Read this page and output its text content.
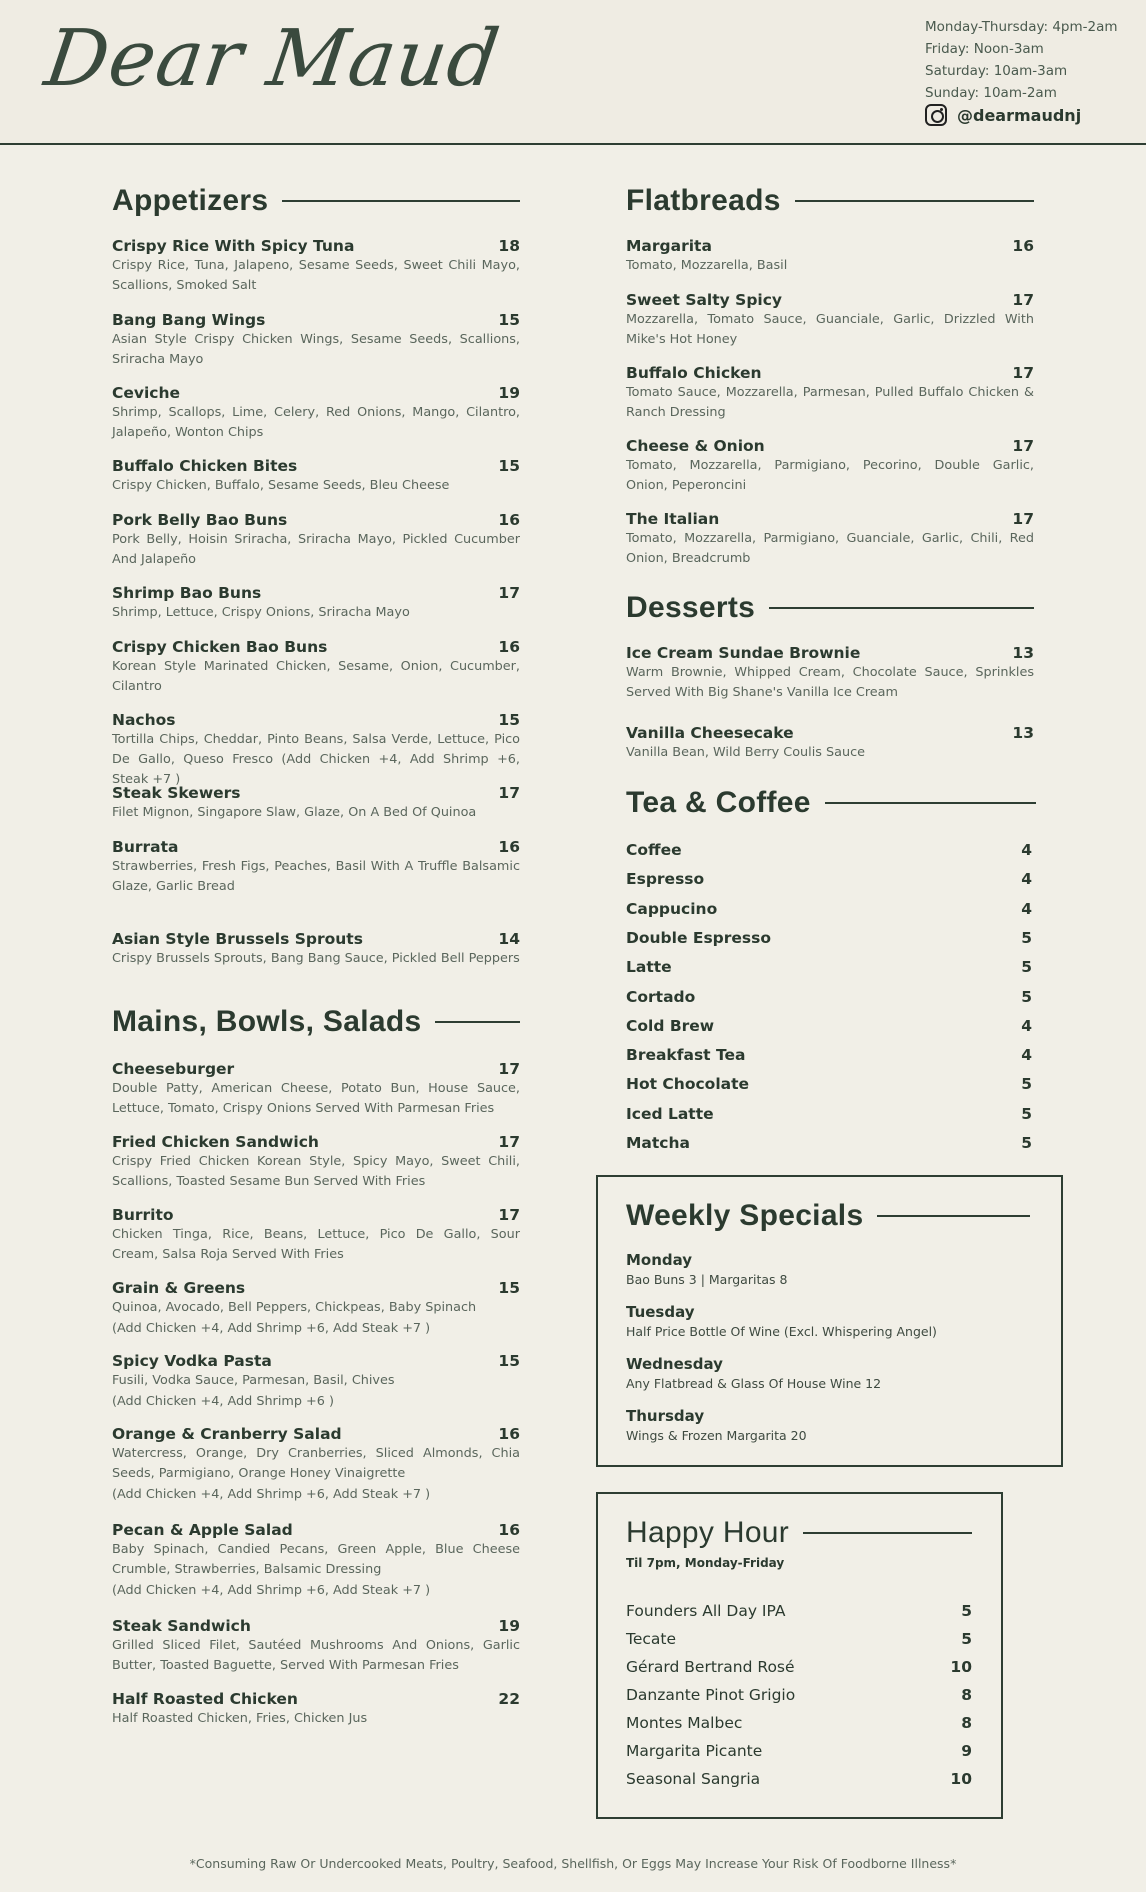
Dear Maud	Monday-Thursday: 4pm-2am
Friday: Noon-3am
Saturday: 10am-3am
Sunday: 10am-2am
@dearmaudnj
Appetizers
Crispy Rice With Spicy Tuna	18
Crispy Rice, Tuna, Jalapeno, Sesame Seeds, Sweet Chili Mayo, Scallions, Smoked Salt
Bang Bang Wings	15
Asian Style Crispy Chicken Wings, Sesame Seeds, Scallions, Sriracha Mayo
Ceviche	19
Shrimp, Scallops, Lime, Celery, Red Onions, Mango, Cilantro, Jalapeño, Wonton Chips
Buffalo Chicken Bites	15
Crispy Chicken, Buffalo, Sesame Seeds, Bleu Cheese
Pork Belly Bao Buns	16
Pork Belly, Hoisin Sriracha, Sriracha Mayo, Pickled Cucumber And Jalapeño
Shrimp Bao Buns	17
Shrimp, Lettuce, Crispy Onions, Sriracha Mayo
Crispy Chicken Bao Buns	16
Korean Style Marinated Chicken, Sesame, Onion, Cucumber, Cilantro
Nachos	15
Tortilla Chips, Cheddar, Pinto Beans, Salsa Verde, Lettuce, Pico De Gallo, Queso Fresco (Add Chicken +4, Add Shrimp +6, Steak +7 )
Steak Skewers	17
Filet Mignon, Singapore Slaw, Glaze, On A Bed Of Quinoa
Burrata	16
Strawberries, Fresh Figs, Peaches, Basil With A Truffle Balsamic Glaze, Garlic Bread
Asian Style Brussels Sprouts	14
Crispy Brussels Sprouts, Bang Bang Sauce, Pickled Bell Peppers
Mains, Bowls, Salads
Cheeseburger	17
Double Patty, American Cheese, Potato Bun, House Sauce, Lettuce, Tomato, Crispy Onions Served With Parmesan Fries
Fried Chicken Sandwich	17
Crispy Fried Chicken Korean Style, Spicy Mayo, Sweet Chili, Scallions, Toasted Sesame Bun Served With Fries
Burrito	17
Chicken Tinga, Rice, Beans, Lettuce, Pico De Gallo, Sour Cream, Salsa Roja Served With Fries
Grain & Greens	15
Quinoa, Avocado, Bell Peppers, Chickpeas, Baby Spinach
(Add Chicken +4, Add Shrimp +6, Add Steak +7 )
Spicy Vodka Pasta	15
Fusili, Vodka Sauce, Parmesan, Basil, Chives
(Add Chicken +4, Add Shrimp +6 )
Orange & Cranberry Salad	16
Watercress, Orange, Dry Cranberries, Sliced Almonds, Chia Seeds, Parmigiano, Orange Honey Vinaigrette
(Add Chicken +4, Add Shrimp +6, Add Steak +7 )
Pecan & Apple Salad	16
Baby Spinach, Candied Pecans, Green Apple, Blue Cheese Crumble, Strawberries, Balsamic Dressing
(Add Chicken +4, Add Shrimp +6, Add Steak +7 )
Steak Sandwich	19
Grilled Sliced Filet, Sautéed Mushrooms And Onions, Garlic Butter, Toasted Baguette, Served With Parmesan Fries
Half Roasted Chicken	22
Half Roasted Chicken, Fries, Chicken Jus
Flatbreads
Margarita	16
Tomato, Mozzarella, Basil
Sweet Salty Spicy	17
Mozzarella, Tomato Sauce, Guanciale, Garlic, Drizzled With Mike's Hot Honey
Buffalo Chicken	17
Tomato Sauce, Mozzarella, Parmesan, Pulled Buffalo Chicken & Ranch Dressing
Cheese & Onion	17
Tomato, Mozzarella, Parmigiano, Pecorino, Double Garlic, Onion, Peperoncini
The Italian	17
Tomato, Mozzarella, Parmigiano, Guanciale, Garlic, Chili, Red Onion, Breadcrumb
Desserts
Ice Cream Sundae Brownie	13
Warm Brownie, Whipped Cream, Chocolate Sauce, Sprinkles Served With Big Shane's Vanilla Ice Cream
Vanilla Cheesecake	13
Vanilla Bean, Wild Berry Coulis Sauce
Tea & Coffee
Coffee	4
Espresso	4
Cappucino	4
Double Espresso	5
Latte	5
Cortado	5
Cold Brew	4
Breakfast Tea	4
Hot Chocolate	5
Iced Latte	5
Matcha	5
Weekly Specials
Monday
Bao Buns 3 | Margaritas 8
Tuesday
Half Price Bottle Of Wine (Excl. Whispering Angel)
Wednesday
Any Flatbread & Glass Of House Wine 12
Thursday
Wings & Frozen Margarita 20
Happy Hour
Til 7pm, Monday-Friday
Founders All Day IPA	5
Tecate	5
Gérard Bertrand Rosé	10
Danzante Pinot Grigio	8
Montes Malbec	8
Margarita Picante	9
Seasonal Sangria	10
*Consuming Raw Or Undercooked Meats, Poultry, Seafood, Shellfish, Or Eggs May Increase Your Risk Of Foodborne Illness*
